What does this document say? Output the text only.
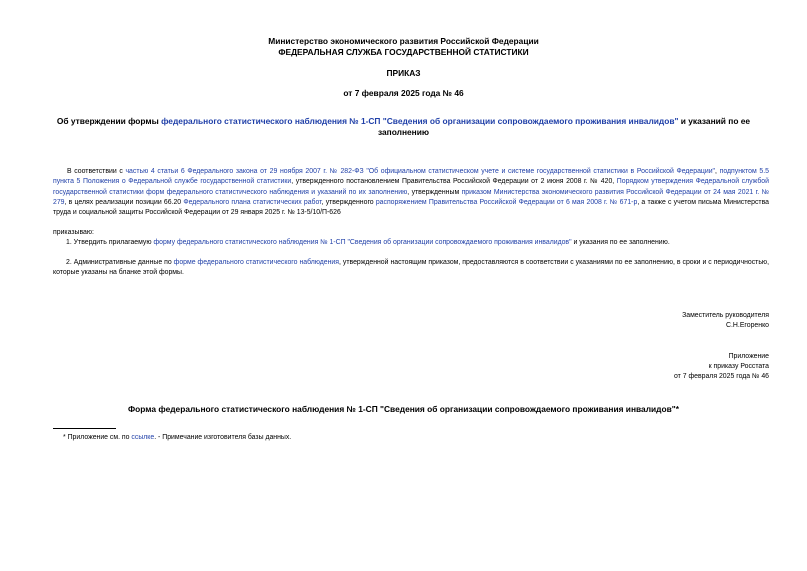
Министерство экономического развития Российской Федерации
ФЕДЕРАЛЬНАЯ СЛУЖБА ГОСУДАРСТВЕННОЙ СТАТИСТИКИ
ПРИКАЗ
от 7 февраля 2025 года № 46
Об утверждении формы федерального статистического наблюдения № 1-СП "Сведения об организации сопровождаемого проживания инвалидов" и указаний по ее заполнению
В соответствии с частью 4 статьи 6 Федерального закона от 29 ноября 2007 г. № 282-ФЗ "Об официальном статистическом учете и системе государственной статистики в Российской Федерации", подпунктом 5.5 пункта 5 Положения о Федеральной службе государственной статистики, утвержденного постановлением Правительства Российской Федерации от 2 июня 2008 г. № 420, Порядком утверждения Федеральной службой государственной статистики форм федерального статистического наблюдения и указаний по их заполнению, утвержденным приказом Министерства экономического развития Российской Федерации от 24 мая 2021 г. № 279, в целях реализации позиции 66.20 Федерального плана статистических работ, утвержденного распоряжением Правительства Российской Федерации от 6 мая 2008 г. № 671-р, а также с учетом письма Министерства труда и социальной защиты Российской Федерации от 29 января 2025 г. № 13-5/10/П-626
приказываю:
1. Утвердить прилагаемую форму федерального статистического наблюдения № 1-СП "Сведения об организации сопровождаемого проживания инвалидов" и указания по ее заполнению.
2. Административные данные по форме федерального статистического наблюдения, утвержденной настоящим приказом, предоставляются в соответствии с указаниями по ее заполнению, в сроки и с периодичностью, которые указаны на бланке этой формы.
Заместитель руководителя
С.Н.Егоренко
Приложение
к приказу Росстата
от 7 февраля 2025 года № 46
Форма федерального статистического наблюдения № 1-СП "Сведения об организации сопровождаемого проживания инвалидов"*
* Приложение см. по ссылке. - Примечание изготовителя базы данных.
